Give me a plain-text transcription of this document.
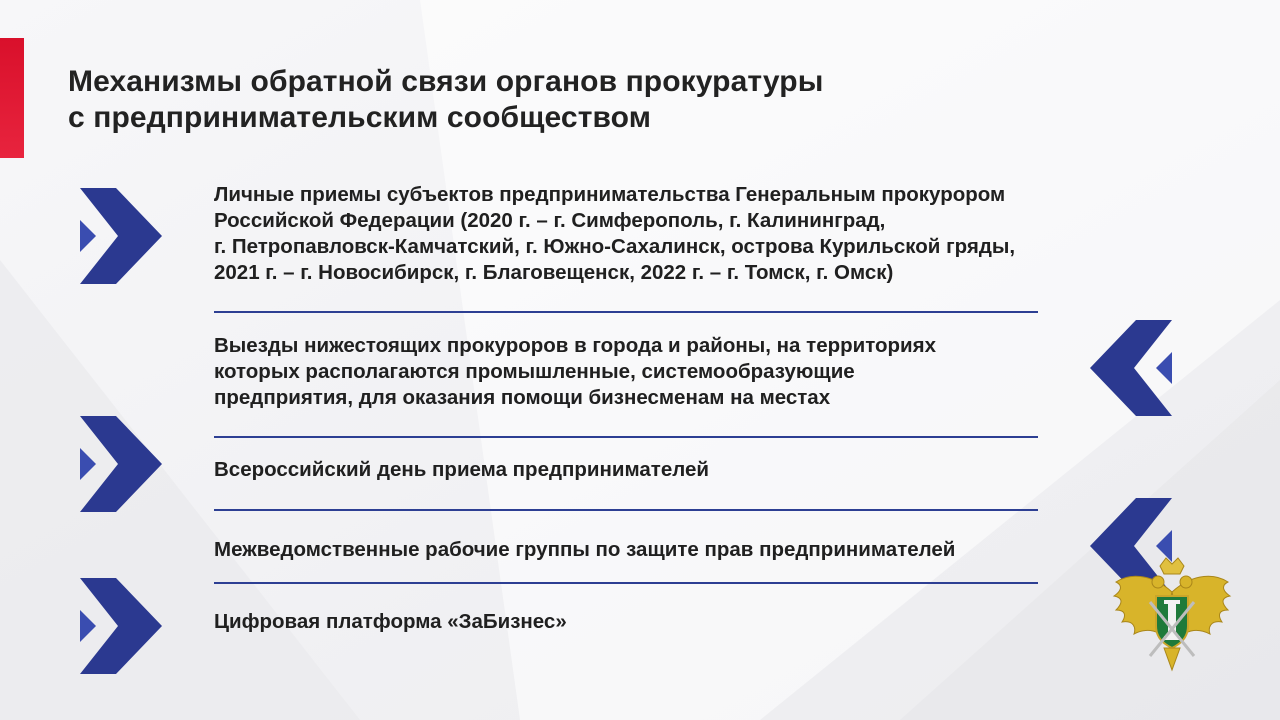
Механизмы обратной связи органов прокуратуры
с предпринимательским сообществом
Личные приемы субъектов предпринимательства Генеральным прокурором
Российской Федерации (2020 г. – г. Симферополь, г. Калининград,
г. Петропавловск-Камчатский, г. Южно-Сахалинск, острова Курильской гряды,
2021 г. – г. Новосибирск, г. Благовещенск, 2022 г. – г. Томск, г. Омск)
Выезды нижестоящих прокуроров в города и районы, на территориях
которых располагаются промышленные, системообразующие
предприятия, для оказания помощи бизнесменам на местах
Всероссийский день приема предпринимателей
Межведомственные рабочие группы по защите прав предпринимателей
Цифровая платформа «ЗаБизнес»
